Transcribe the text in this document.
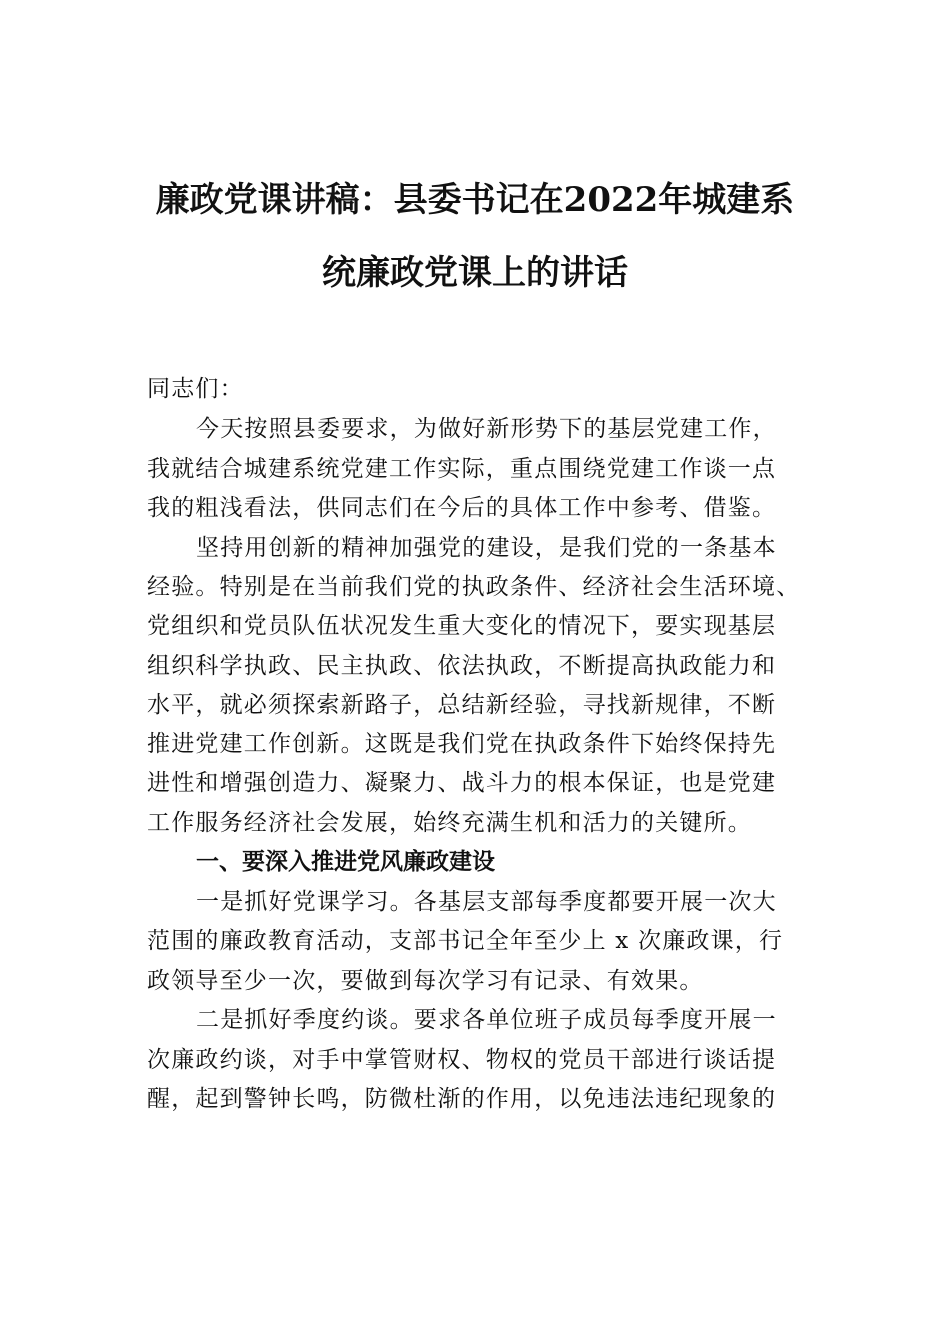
廉政党课讲稿：县委书记在2022年城建系
统廉政党课上的讲话
同志们：
今天按照县委要求，为做好新形势下的基层党建工作，
我就结合城建系统党建工作实际，重点围绕党建工作谈一点
我的粗浅看法，供同志们在今后的具体工作中参考、借鉴。
坚持用创新的精神加强党的建设，是我们党的一条基本
经验。特别是在当前我们党的执政条件、经济社会生活环境、
党组织和党员队伍状况发生重大变化的情况下，要实现基层
组织科学执政、民主执政、依法执政，不断提高执政能力和
水平，就必须探索新路子，总结新经验，寻找新规律，不断
推进党建工作创新。这既是我们党在执政条件下始终保持先
进性和增强创造力、凝聚力、战斗力的根本保证，也是党建
工作服务经济社会发展，始终充满生机和活力的关键所。
一、要深入推进党风廉政建设
一是抓好党课学习。各基层支部每季度都要开展一次大
范围的廉政教育活动，支部书记全年至少上 x 次廉政课，行
政领导至少一次，要做到每次学习有记录、有效果。
二是抓好季度约谈。要求各单位班子成员每季度开展一
次廉政约谈，对手中掌管财权、物权的党员干部进行谈话提
醒，起到警钟长鸣，防微杜渐的作用，以免违法违纪现象的
